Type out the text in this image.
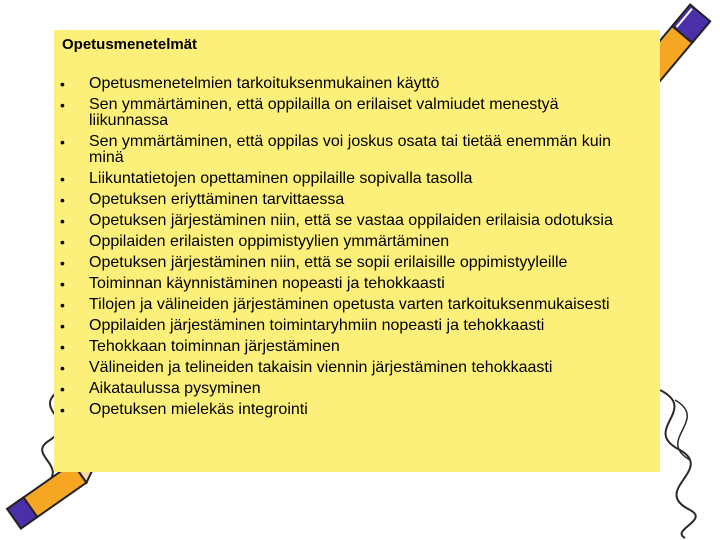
Opetusmenetelmät
• Opetusmenetelmien tarkoituksenmukainen käyttö
• Sen ymmärtäminen, että oppilailla on erilaiset valmiudet menestyä liikunnassa
• Sen ymmärtäminen, että oppilas voi joskus osata tai tietää enemmän kuin minä
• Liikuntatietojen opettaminen oppilaille sopivalla tasolla
• Opetuksen eriyttäminen tarvittaessa
• Opetuksen järjestäminen niin, että se vastaa oppilaiden erilaisia odotuksia
• Oppilaiden erilaisten oppimistyylien ymmärtäminen
• Opetuksen järjestäminen niin, että se sopii erilaisille oppimistyyleille
• Toiminnan käynnistäminen nopeasti ja tehokkaasti
• Tilojen ja välineiden järjestäminen opetusta varten tarkoituksenmukaisesti
• Oppilaiden järjestäminen toimintaryhmiin nopeasti ja tehokkaasti
• Tehokkaan toiminnan järjestäminen
• Välineiden ja telineiden takaisin viennin järjestäminen tehokkaasti
• Aikataulussa pysyminen
• Opetuksen mielekäs integrointi
